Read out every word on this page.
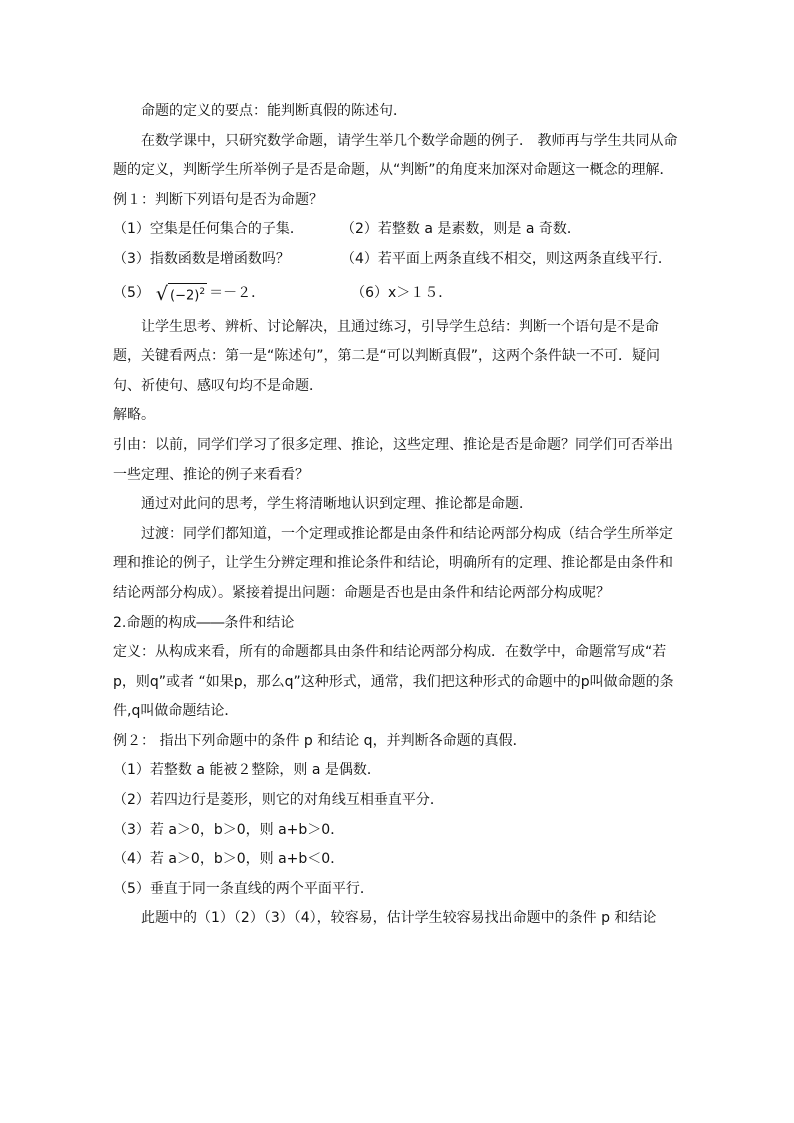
命题的定义的要点：能判断真假的陈述句．

在数学课中，只研究数学命题，请学生举几个数学命题的例子． 教师再与学生共同从命题的定义，判断学生所举例子是否是命题，从“判断”的角度来加深对命题这一概念的理解．

例１：判断下列语句是否为命题？

（1）空集是任何集合的子集．	（2）若整数 a 是素数，则是 a 奇数．
（3）指数函数是增函数吗？	（4）若平面上两条直线不相交，则这两条直线平行．
（5） √ $(-2)^2 =-2$．	（6）x＞１５．

让学生思考、辨析、讨论解决，且通过练习，引导学生总结：判断一个语句是不是命题，关键看两点：第一是“陈述句”，第二是“可以判断真假”，这两个条件缺一不可．疑问句、祈使句、感叹句均不是命题．

解略。

引由：以前，同学们学习了很多定理、推论，这些定理、推论是否是命题？同学们可否举出一些定理、推论的例子来看看？

通过对此问的思考，学生将清晰地认识到定理、推论都是命题．

过渡：同学们都知道，一个定理或推论都是由条件和结论两部分构成（结合学生所举定理和推论的例子，让学生分辨定理和推论条件和结论，明确所有的定理、推论都是由条件和结论两部分构成）。紧接着提出问题：命题是否也是由条件和结论两部分构成呢？

2.命题的构成――条件和结论

定义：从构成来看，所有的命题都具由条件和结论两部分构成．在数学中，命题常写成“若p，则q”或者 “如果p，那么q”这种形式，通常，我们把这种形式的命题中的p叫做命题的条件,q叫做命题结论．

例２： 指出下列命题中的条件 p 和结论 q，并判断各命题的真假．

（1）若整数 a 能被２整除，则 a 是偶数．

（2）若四边行是菱形，则它的对角线互相垂直平分．

（3）若 a＞0，b＞0，则 a+b＞0．

（4）若 a＞0，b＞0，则 a+b＜0．

（5）垂直于同一条直线的两个平面平行．

此题中的（1）（2）（3）（4），较容易，估计学生较容易找出命题中的条件 p 和结论
